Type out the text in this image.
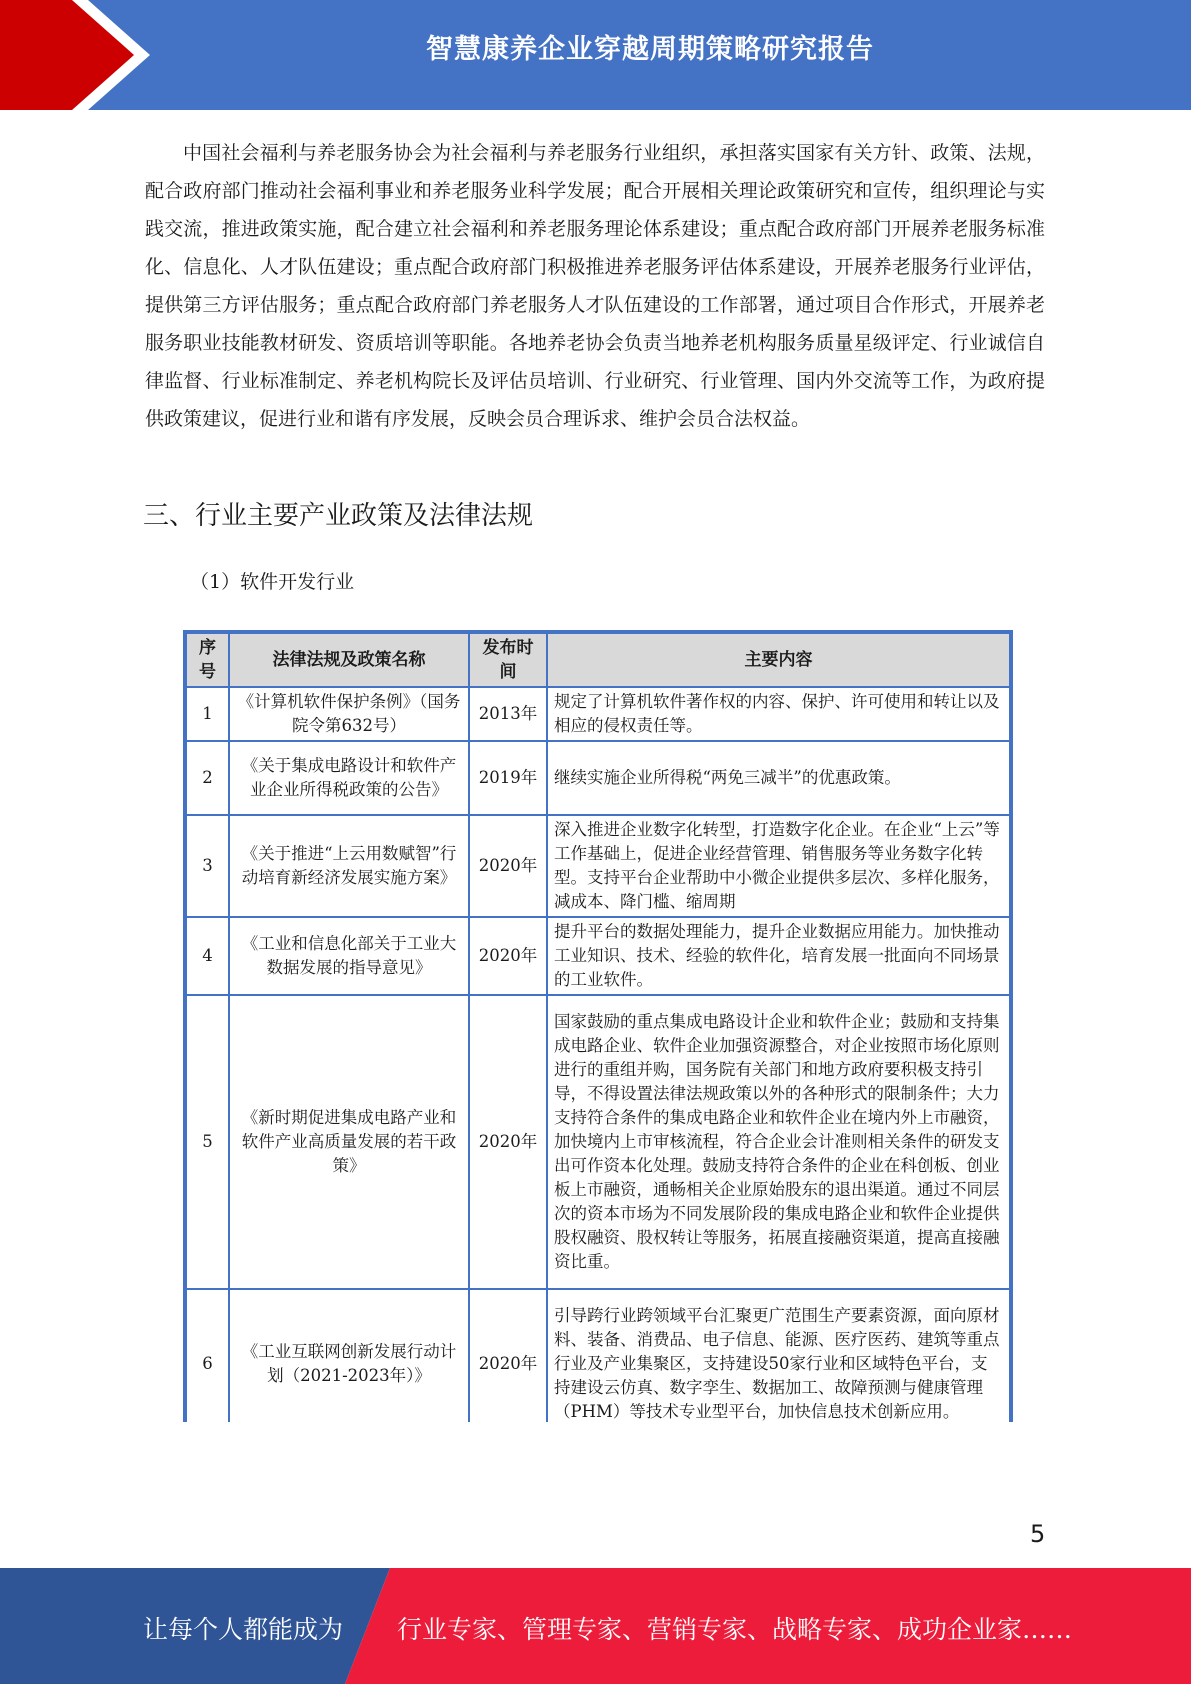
智慧康养企业穿越周期策略研究报告

中国社会福利与养老服务协会为社会福利与养老服务行业组织，承担落实国家有关方针、政策、法规，配合政府部门推动社会福利事业和养老服务业科学发展；配合开展相关理论政策研究和宣传，组织理论与实践交流，推进政策实施，配合建立社会福利和养老服务理论体系建设；重点配合政府部门开展养老服务标准化、信息化、人才队伍建设；重点配合政府部门积极推进养老服务评估体系建设，开展养老服务行业评估，提供第三方评估服务；重点配合政府部门养老服务人才队伍建设的工作部署，通过项目合作形式，开展养老服务职业技能教材研发、资质培训等职能。各地养老协会负责当地养老机构服务质量星级评定、行业诚信自律监督、行业标准制定、养老机构院长及评估员培训、行业研究、行业管理、国内外交流等工作，为政府提供政策建议，促进行业和谐有序发展，反映会员合理诉求、维护会员合法权益。

三、行业主要产业政策及法律法规

（1）软件开发行业

序号	法律法规及政策名称	发布时间	主要内容
1	《计算机软件保护条例》（国务院令第632号）	2013年	规定了计算机软件著作权的内容、保护、许可使用和转让以及相应的侵权责任等。
2	《关于集成电路设计和软件产业企业所得税政策的公告》	2019年	继续实施企业所得税“两免三减半”的优惠政策。
3	《关于推进“上云用数赋智”行动培育新经济发展实施方案》	2020年	深入推进企业数字化转型，打造数字化企业。在企业“上云”等工作基础上，促进企业经营管理、销售服务等业务数字化转型。支持平台企业帮助中小微企业提供多层次、多样化服务，减成本、降门槛、缩周期
4	《工业和信息化部关于工业大数据发展的指导意见》	2020年	提升平台的数据处理能力，提升企业数据应用能力。加快推动工业知识、技术、经验的软件化，培育发展一批面向不同场景的工业软件。
5	《新时期促进集成电路产业和软件产业高质量发展的若干政策》	2020年	国家鼓励的重点集成电路设计企业和软件企业；鼓励和支持集成电路企业、软件企业加强资源整合，对企业按照市场化原则进行的重组并购，国务院有关部门和地方政府要积极支持引导，不得设置法律法规政策以外的各种形式的限制条件；大力支持符合条件的集成电路企业和软件企业在境内外上市融资，加快境内上市审核流程，符合企业会计准则相关条件的研发支出可作资本化处理。鼓励支持符合条件的企业在科创板、创业板上市融资，通畅相关企业原始股东的退出渠道。通过不同层次的资本市场为不同发展阶段的集成电路企业和软件企业提供股权融资、股权转让等服务，拓展直接融资渠道，提高直接融资比重。
6	《工业互联网创新发展行动计划（2021-2023年）》	2020年	引导跨行业跨领域平台汇聚更广范围生产要素资源，面向原材料、装备、消费品、电子信息、能源、医疗医药、建筑等重点行业及产业集聚区，支持建设50家行业和区域特色平台，支持建设云仿真、数字孪生、数据加工、故障预测与健康管理（PHM）等技术专业型平台，加快信息技术创新应用。
5
让每个人都能成为 行业专家、管理专家、营销专家、战略专家、成功企业家……
